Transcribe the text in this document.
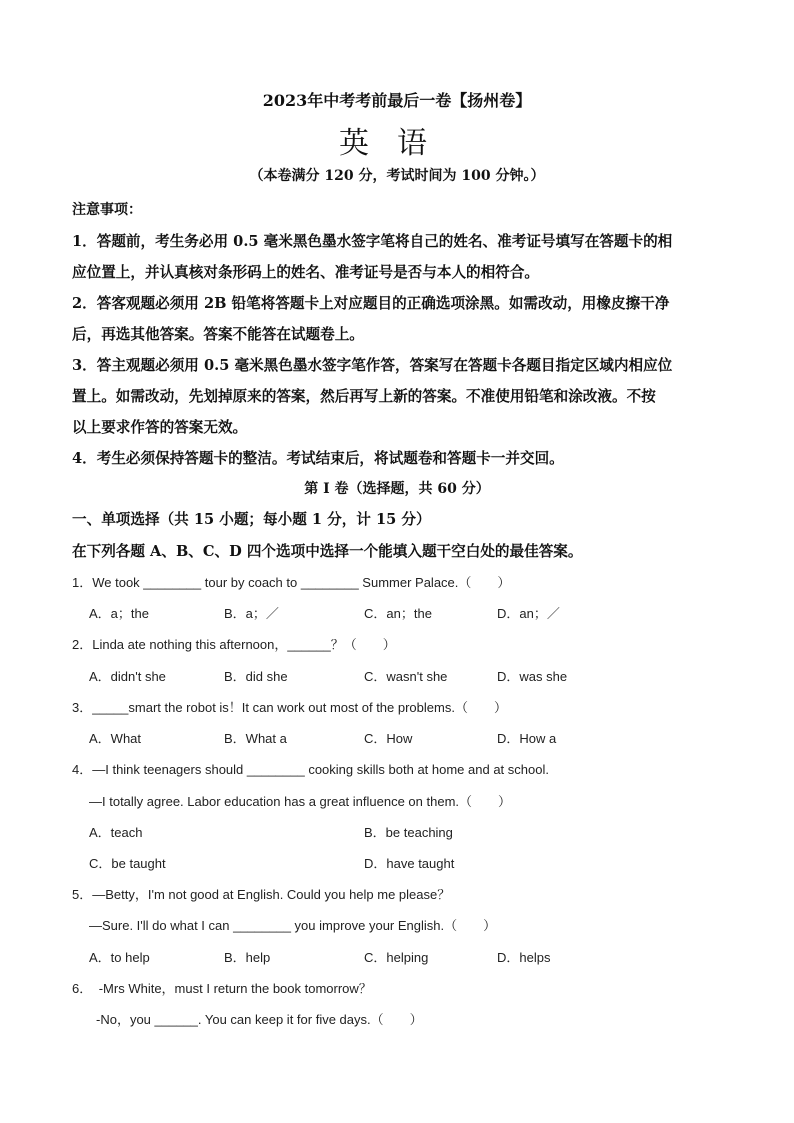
2023年中考考前最后一卷【扬州卷】
英语
（本卷满分 120 分，考试时间为 100 分钟。）
注意事项：
1．答题前，考生务必用 0.5 毫米黑色墨水签字笔将自己的姓名、准考证号填写在答题卡的相
应位置上，并认真核对条形码上的姓名、准考证号是否与本人的相符合。
2．答客观题必须用 2B 铅笔将答题卡上对应题目的正确选项涂黑。如需改动，用橡皮擦干净
后，再选其他答案。答案不能答在试题卷上。
3．答主观题必须用 0.5 毫米黑色墨水签字笔作答，答案写在答题卡各题目指定区域内相应位
置上。如需改动，先划掉原来的答案，然后再写上新的答案。不准使用铅笔和涂改液。不按
以上要求作答的答案无效。
4．考生必须保持答题卡的整洁。考试结束后，将试题卷和答题卡一并交回。
第 I 卷（选择题，共 60 分）
一、单项选择（共 15 小题；每小题 1 分，计 15 分）
在下列各题 A、B、C、D 四个选项中选择一个能填入题干空白处的最佳答案。
1．We took ________ tour by coach to ________ Summer Palace.（　　）
A．a；the	B．a；／	C．an；the	D．an；／
2．Linda ate nothing this afternoon，______？（　　）
A．didn't she	B．did she	C．wasn't she	D．was she
3．_____smart the robot is！It can work out most of the problems.（　　）
A．What	B．What a	C．How	D．How a
4．—I think teenagers should ________ cooking skills both at home and at school.
—I totally agree. Labor education has a great influence on them.（　　）
A．teach	B．be teaching
C．be taught	D．have taught
5．—Betty，I'm not good at English. Could you help me please？
—Sure. I'll do what I can ________ you improve your English.（　　）
A．to help	B．help	C．helping	D．helps
6．　-Mrs White，must I return the book tomorrow？
-No，you ______. You can keep it for five days.（　　）
